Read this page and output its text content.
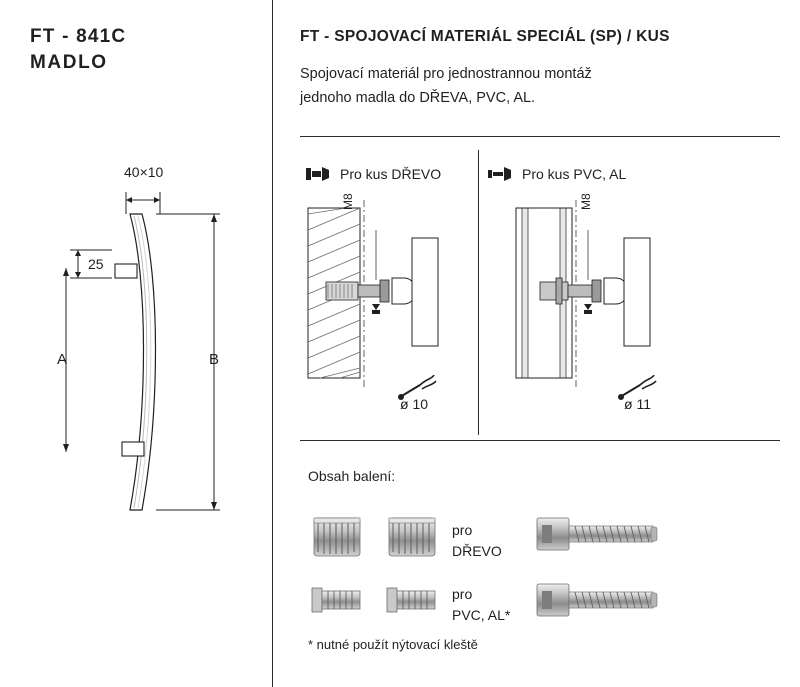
FT - 841C
MADLO
40×10
25
A	B
FT - SPOJOVACÍ MATERIÁL SPECIÁL (SP) / KUS
Spojovací materiál pro jednostrannou montáž
jednoho madla do DŘEVA, PVC, AL.
Pro kus DŘEVO
M8
ø 10
Pro kus PVC, AL
M8
ø 11
Obsah balení:
pro
DŘEVO
pro
PVC, AL*
* nutné použít nýtovací kleště
